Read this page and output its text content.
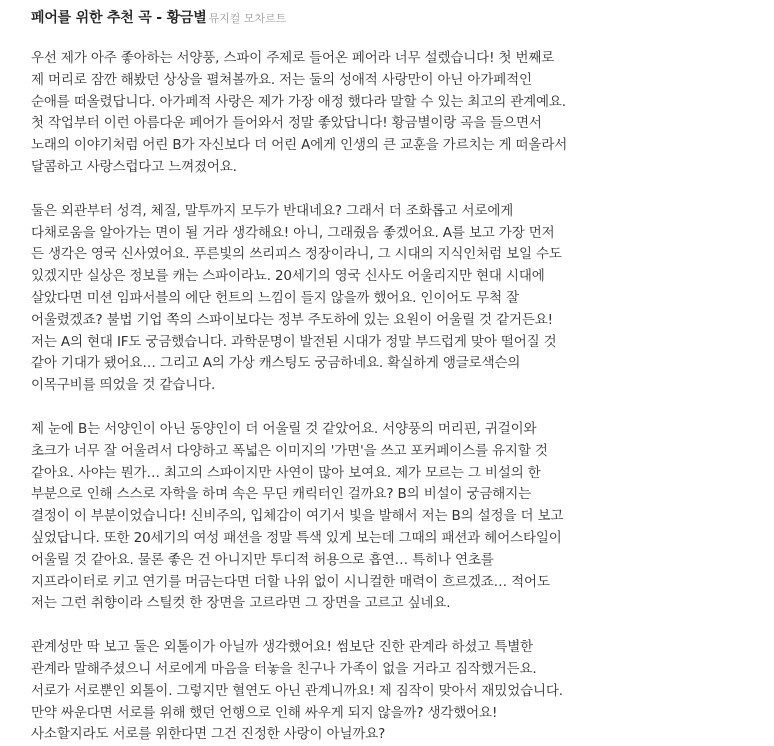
페어를 위한 추천 곡 - 황금별 뮤지컬 모차르트
우선 제가 아주 좋아하는 서양풍, 스파이 주제로 들어온 페어라 너무 설렜습니다! 첫 번째로
제 머리로 잠깐 해봤던 상상을 펼쳐볼까요. 저는 둘의 성애적 사랑만이 아닌 아가페적인
순애를 떠올렸답니다. 아가페적 사랑은 제가 가장 애정 했다라 말할 수 있는 최고의 관계예요.
첫 작업부터 이런 아름다운 페어가 들어와서 정말 좋았답니다! 황금별이랑 곡을 들으면서
노래의 이야기처럼 어린 B가 자신보다 더 어린 A에게 인생의 큰 교훈을 가르치는 게 떠올라서
달콤하고 사랑스럽다고 느껴졌어요.
둘은 외관부터 성격, 체질, 말투까지 모두가 반대네요? 그래서 더 조화롭고 서로에게
다채로움을 알아가는 면이 될 거라 생각해요! 아니, 그래줬음 좋겠어요. A를 보고 가장 먼저
든 생각은 영국 신사였어요. 푸른빛의 쓰리피스 정장이라니, 그 시대의 지식인처럼 보일 수도
있겠지만 실상은 정보를 캐는 스파이라뇨. 20세기의 영국 신사도 어울리지만 현대 시대에
살았다면 미션 임파서블의 에단 헌트의 느낌이 들지 않을까 했어요. 인이어도 무척 잘
어울렸겠죠? 불법 기업 쪽의 스파이보다는 정부 주도하에 있는 요원이 어울릴 것 같거든요!
저는 A의 현대 IF도 궁금했습니다. 과학문명이 발전된 시대가 정말 부드럽게 맞아 떨어질 것
같아 기대가 됐어요… 그리고 A의 가상 캐스팅도 궁금하네요. 확실하게 앵글로색슨의
이목구비를 띄었을 것 같습니다.
제 눈에 B는 서양인이 아닌 동양인이 더 어울릴 것 같았어요. 서양풍의 머리핀, 귀걸이와
초크가 너무 잘 어울려서 다양하고 폭넓은 이미지의 '가면'을 쓰고 포커페이스를 유지할 것
같아요. 사야는 뭔가… 최고의 스파이지만 사연이 많아 보여요. 제가 모르는 그 비설의 한
부분으로 인해 스스로 자학을 하며 속은 무딘 캐릭터인 걸까요? B의 비설이 궁금해지는
결정이 이 부분이었습니다! 신비주의, 입체감이 여기서 빛을 발해서 저는 B의 설정을 더 보고
싶었답니다. 또한 20세기의 여성 패션을 정말 특색 있게 보는데 그때의 패션과 헤어스타일이
어울릴 것 같아요. 물론 좋은 건 아니지만 투디적 허용으로 흡연… 특히나 연초를
지프라이터로 키고 연기를 머금는다면 더할 나위 없이 시니컬한 매력이 흐르겠죠… 적어도
저는 그런 취향이라 스틸컷 한 장면을 고르라면 그 장면을 고르고 싶네요.
관계성만 딱 보고 둘은 외톨이가 아닐까 생각했어요! 썸보단 진한 관계라 하셨고 특별한
관계라 말해주셨으니 서로에게 마음을 터놓을 친구나 가족이 없을 거라고 짐작했거든요.
서로가 서로뿐인 외톨이. 그렇지만 혈연도 아닌 관계니까요! 제 짐작이 맞아서 재밌었습니다.
만약 싸운다면 서로를 위해 했던 언행으로 인해 싸우게 되지 않을까? 생각했어요!
사소할지라도 서로를 위한다면 그건 진정한 사랑이 아닐까요?
